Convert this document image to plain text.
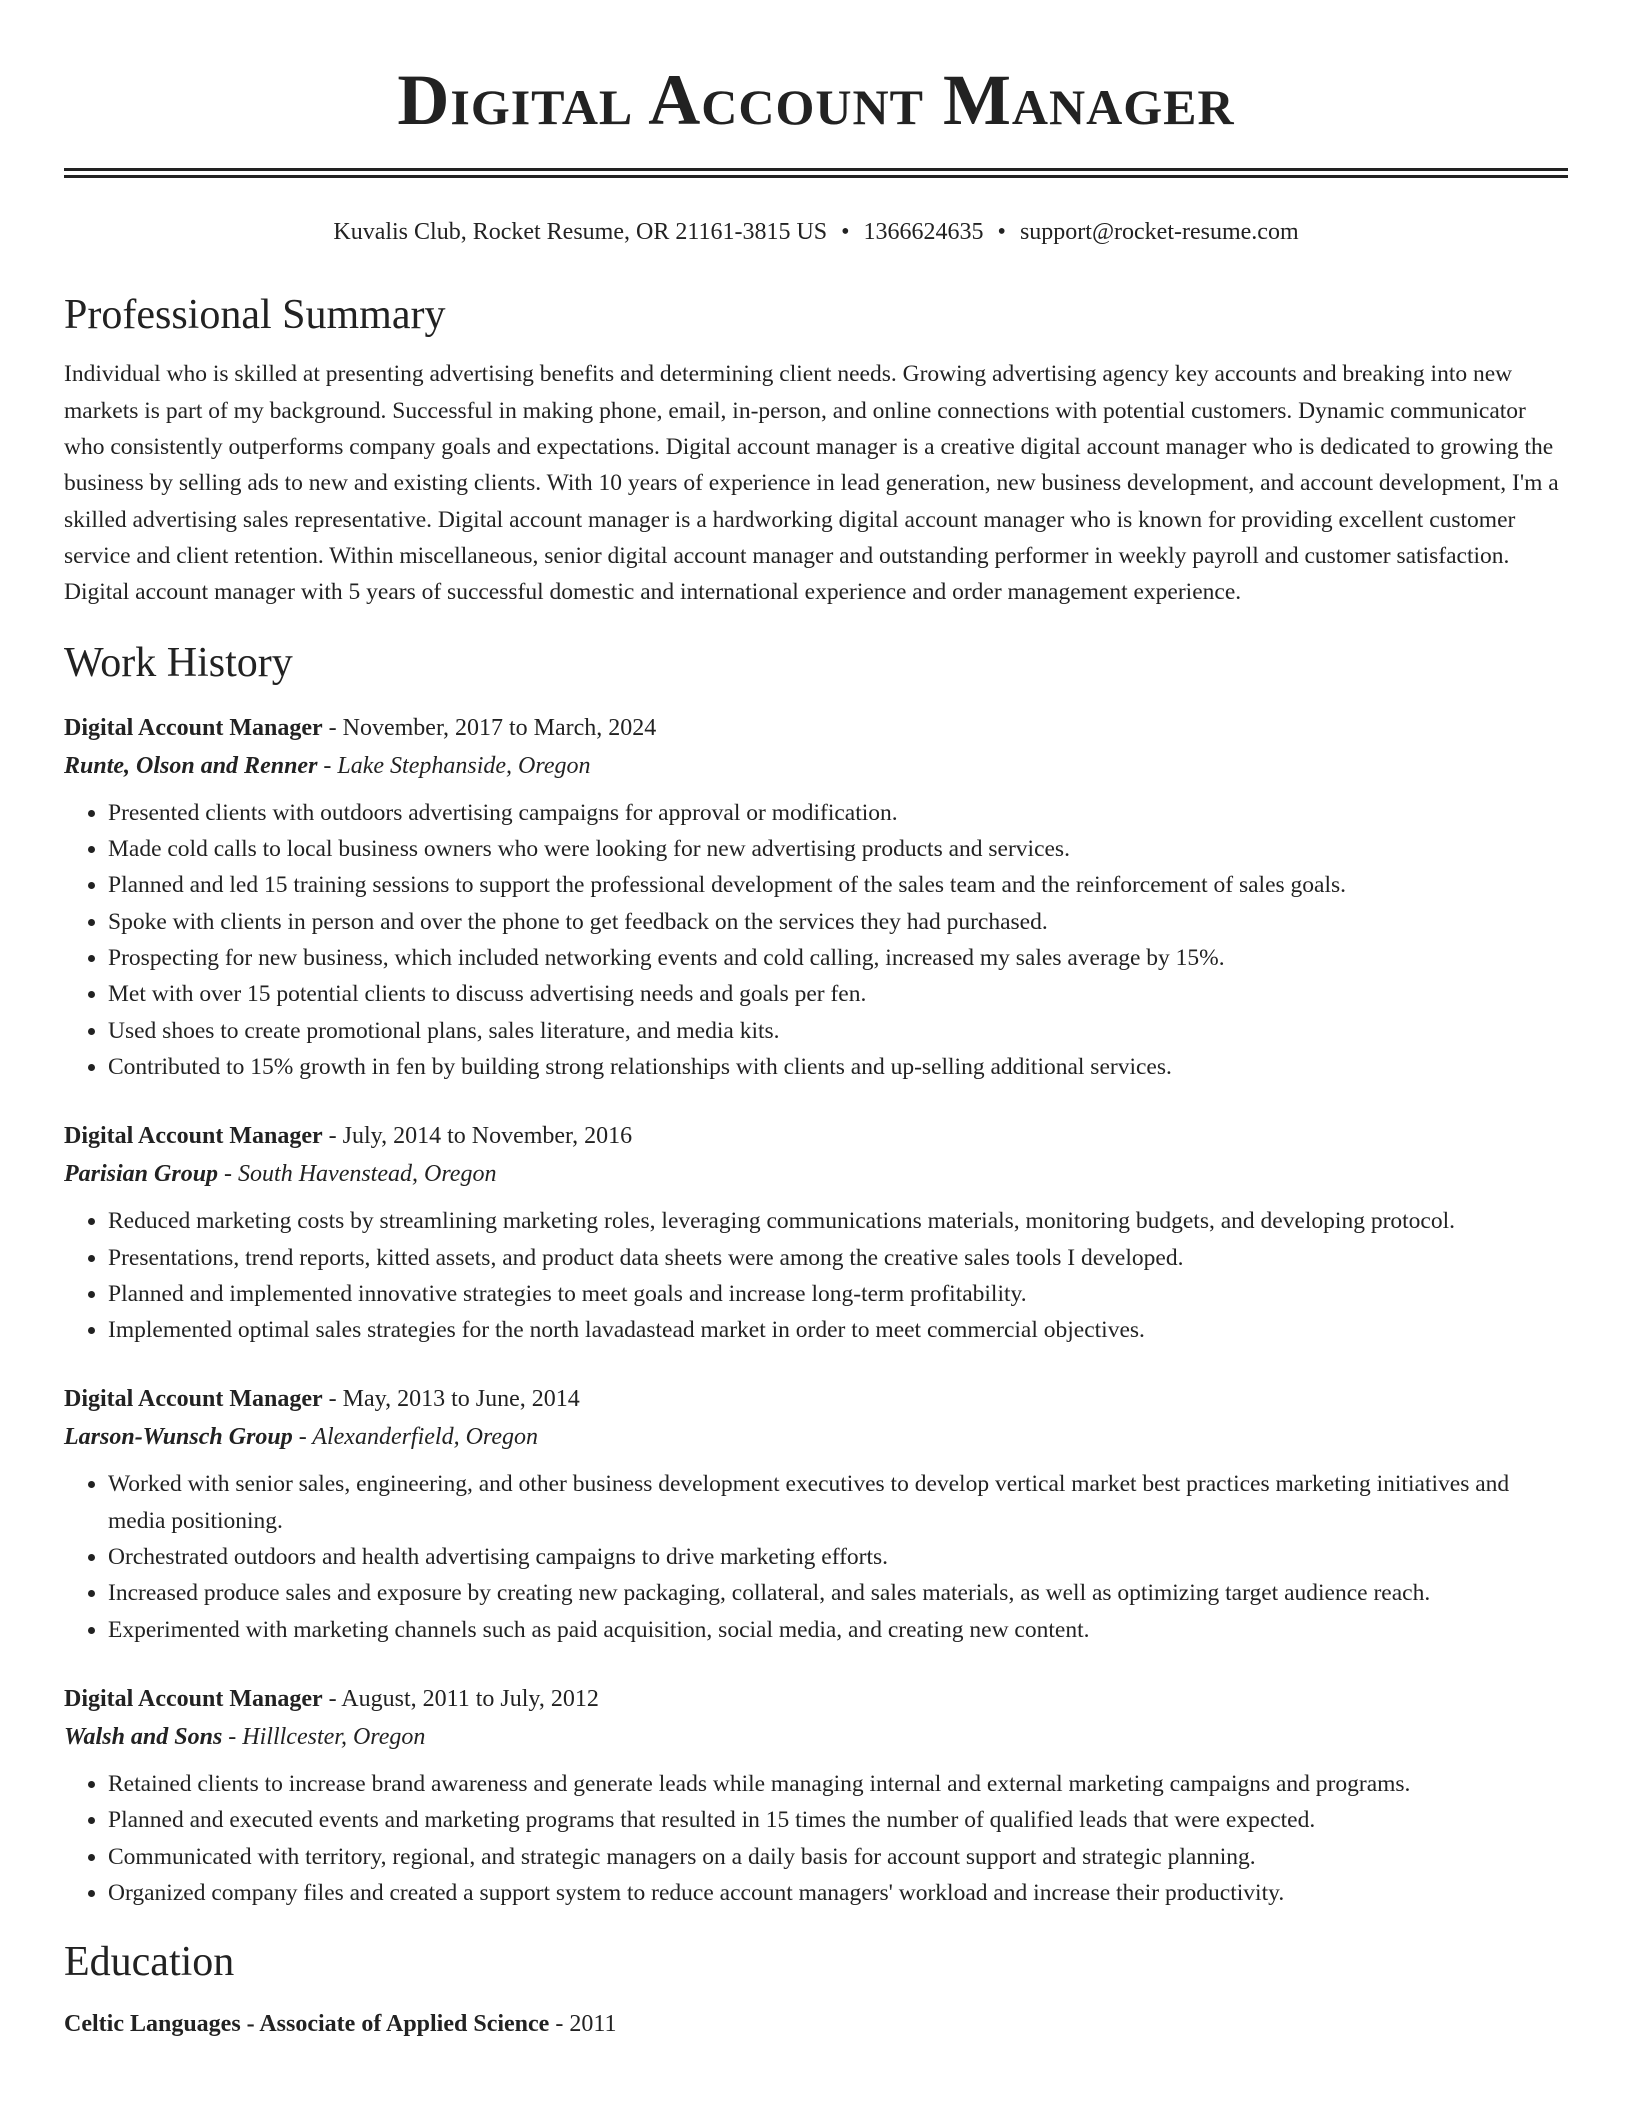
Digital Account Manager
Kuvalis Club, Rocket Resume, OR 21161-3815 US • 1366624635 • support@rocket-resume.com
Professional Summary
Individual who is skilled at presenting advertising benefits and determining client needs. Growing advertising agency key accounts and breaking into new markets is part of my background. Successful in making phone, email, in-person, and online connections with potential customers. Dynamic communicator who consistently outperforms company goals and expectations. Digital account manager is a creative digital account manager who is dedicated to growing the business by selling ads to new and existing clients. With 10 years of experience in lead generation, new business development, and account development, I'm a skilled advertising sales representative. Digital account manager is a hardworking digital account manager who is known for providing excellent customer service and client retention. Within miscellaneous, senior digital account manager and outstanding performer in weekly payroll and customer satisfaction. Digital account manager with 5 years of successful domestic and international experience and order management experience.
Work History
Digital Account Manager - November, 2017 to March, 2024
Runte, Olson and Renner - Lake Stephanside, Oregon
• Presented clients with outdoors advertising campaigns for approval or modification.
• Made cold calls to local business owners who were looking for new advertising products and services.
• Planned and led 15 training sessions to support the professional development of the sales team and the reinforcement of sales goals.
• Spoke with clients in person and over the phone to get feedback on the services they had purchased.
• Prospecting for new business, which included networking events and cold calling, increased my sales average by 15%.
• Met with over 15 potential clients to discuss advertising needs and goals per fen.
• Used shoes to create promotional plans, sales literature, and media kits.
• Contributed to 15% growth in fen by building strong relationships with clients and up-selling additional services.
Digital Account Manager - July, 2014 to November, 2016
Parisian Group - South Havenstead, Oregon
• Reduced marketing costs by streamlining marketing roles, leveraging communications materials, monitoring budgets, and developing protocol.
• Presentations, trend reports, kitted assets, and product data sheets were among the creative sales tools I developed.
• Planned and implemented innovative strategies to meet goals and increase long-term profitability.
• Implemented optimal sales strategies for the north lavadastead market in order to meet commercial objectives.
Digital Account Manager - May, 2013 to June, 2014
Larson-Wunsch Group - Alexanderfield, Oregon
• Worked with senior sales, engineering, and other business development executives to develop vertical market best practices marketing initiatives and media positioning.
• Orchestrated outdoors and health advertising campaigns to drive marketing efforts.
• Increased produce sales and exposure by creating new packaging, collateral, and sales materials, as well as optimizing target audience reach.
• Experimented with marketing channels such as paid acquisition, social media, and creating new content.
Digital Account Manager - August, 2011 to July, 2012
Walsh and Sons - Hilllcester, Oregon
• Retained clients to increase brand awareness and generate leads while managing internal and external marketing campaigns and programs.
• Planned and executed events and marketing programs that resulted in 15 times the number of qualified leads that were expected.
• Communicated with territory, regional, and strategic managers on a daily basis for account support and strategic planning.
• Organized company files and created a support system to reduce account managers' workload and increase their productivity.
Education
Celtic Languages - Associate of Applied Science - 2011
